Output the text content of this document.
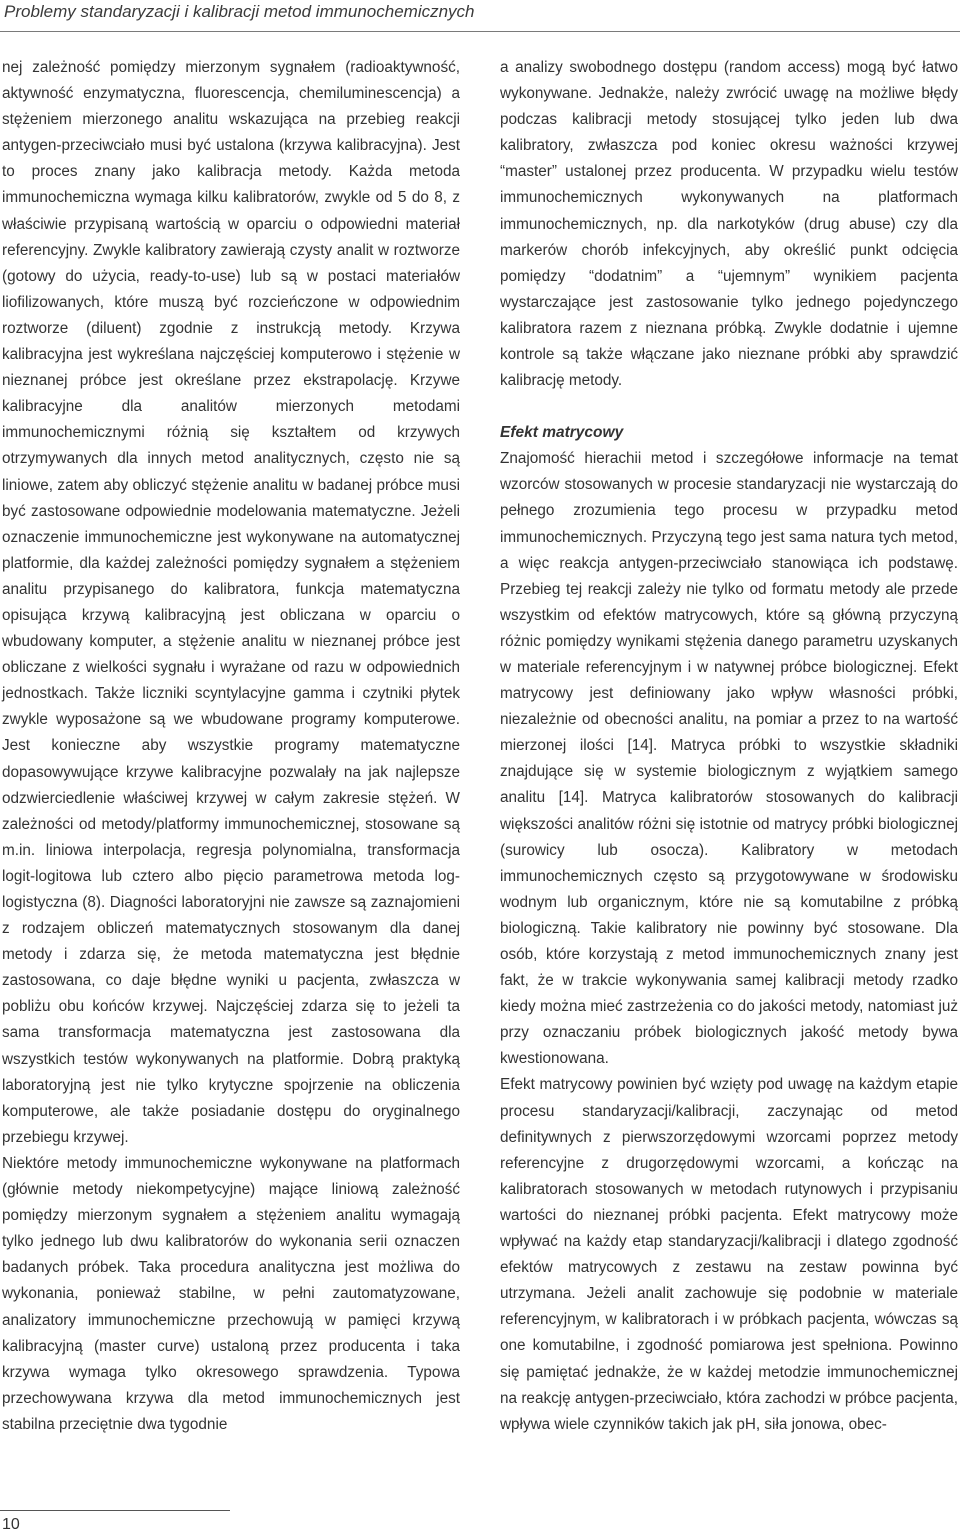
Problemy standaryzacji i kalibracji metod immunochemicznych

nej zależność pomiędzy mierzonym sygnałem (radioaktywność, aktywność enzymatyczna, fluorescencja, chemiluminescencja) a stężeniem mierzonego analitu wskazująca na przebieg reakcji antygen-przeciwciało musi być ustalona (krzywa kalibracyjna). Jest to proces znany jako kalibracja metody. Każda metoda immunochemiczna wymaga kilku kalibratorów, zwykle od 5 do 8, z właściwie przypisaną wartością w oparciu o odpowiedni materiał referencyjny. Zwykle kalibratory zawierają czysty analit w roztworze (gotowy do użycia, ready-to-use) lub są w postaci materiałów liofilizowanych, które muszą być rozcieńczone w odpowiednim roztworze (diluent) zgodnie z instrukcją metody. Krzywa kalibracyjna jest wykreślana najczęściej komputerowo i stężenie w nieznanej próbce jest określane przez ekstrapolację. Krzywe kalibracyjne dla analitów mierzonych metodami immunochemicznymi różnią się kształtem od krzywych otrzymywanych dla innych metod analitycznych, często nie są liniowe, zatem aby obliczyć stężenie analitu w badanej próbce musi być zastosowane odpowiednie modelowania matematyczne. Jeżeli oznaczenie immunochemiczne jest wykonywane na automatycznej platformie, dla każdej zależności pomiędzy sygnałem a stężeniem analitu przypisanego do kalibratora, funkcja matematyczna opisująca krzywą kalibracyjną jest obliczana w oparciu o wbudowany komputer, a stężenie analitu w nieznanej próbce jest obliczane z wielkości sygnału i wyrażane od razu w odpowiednich jednostkach. Także liczniki scyntylacyjne gamma i czytniki płytek zwykle wyposażone są we wbudowane programy komputerowe. Jest konieczne aby wszystkie programy matematyczne dopasowywujące krzywe kalibracyjne pozwalały na jak najlepsze odzwierciedlenie właściwej krzywej w całym zakresie stężeń. W zależności od metody/platformy immunochemicznej, stosowane są m.in. liniowa interpolacja, regresja polynomialna, transformacja logit-logitowa lub cztero albo pięcio parametrowa metoda log-logistyczna (8). Diagności laboratoryjni nie zawsze są zaznajomieni z rodzajem obliczeń matematycznych stosowanym dla danej metody i zdarza się, że metoda matematyczna jest błędnie zastosowana, co daje błędne wyniki u pacjenta, zwłaszcza w pobliżu obu końców krzywej. Najczęściej zdarza się to jeżeli ta sama transformacja matematyczna jest zastosowana dla wszystkich testów wykonywanych na platformie. Dobrą praktyką laboratoryjną jest nie tylko krytyczne spojrzenie na obliczenia komputerowe, ale także posiadanie dostępu do oryginalnego przebiegu krzywej.

Niektóre metody immunochemiczne wykonywane na platformach (głównie metody niekompetycyjne) mające liniową zależność pomiędzy mierzonym sygnałem a stężeniem analitu wymagają tylko jednego lub dwu kalibratorów do wykonania serii oznaczen badanych próbek. Taka procedura analityczna jest możliwa do wykonania, ponieważ stabilne, w pełni zautomatyzowane, analizatory immunochemiczne przechowują w pamięci krzywą kalibracyjną (master curve) ustaloną przez producenta i taka krzywa wymaga tylko okresowego sprawdzenia. Typowa przechowywana krzywa dla metod immunochemicznych jest stabilna przeciętnie dwa tygodnie

a analizy swobodnego dostępu (random access) mogą być łatwo wykonywane. Jednakże, należy zwrócić uwagę na możliwe błędy podczas kalibracji metody stosującej tylko jeden lub dwa kalibratory, zwłaszcza pod koniec okresu ważności krzywej “master” ustalonej przez producenta. W przypadku wielu testów immunochemicznych wykonywanych na platformach immunochemicznych, np. dla narkotyków (drug abuse) czy dla markerów chorób infekcyjnych, aby określić punkt odcięcia pomiędzy “dodatnim” a “ujemnym” wynikiem pacjenta wystarczające jest zastosowanie tylko jednego pojedynczego kalibratora razem z nieznana próbką. Zwykle dodatnie i ujemne kontrole są także włączane jako nieznane próbki aby sprawdzić kalibrację metody.

Efekt matrycowy

Znajomość hierachii metod i szczegółowe informacje na temat wzorców stosowanych w procesie standaryzacji nie wystarczają do pełnego zrozumienia tego procesu w przypadku metod immunochemicznych. Przyczyną tego jest sama natura tych metod, a więc reakcja antygen-przeciwciało stanowiąca ich podstawę. Przebieg tej reakcji zależy nie tylko od formatu metody ale przede wszystkim od efektów matrycowych, które są główną przyczyną różnic pomiędzy wynikami stężenia danego parametru uzyskanych w materiale referencyjnym i w natywnej próbce biologicznej. Efekt matrycowy jest definiowany jako wpływ własności próbki, niezależnie od obecności analitu, na pomiar a przez to na wartość mierzonej ilości [14]. Matryca próbki to wszystkie składniki znajdujące się w systemie biologicznym z wyjątkiem samego analitu [14]. Matryca kalibratorów stosowanych do kalibracji większości analitów różni się istotnie od matrycy próbki biologicznej (surowicy lub osocza). Kalibratory w metodach immunochemicznych często są przygotowywane w środowisku wodnym lub organicznym, które nie są komutabilne z próbką biologiczną. Takie kalibratory nie powinny być stosowane. Dla osób, które korzystają z metod immunochemicznych znany jest fakt, że w trakcie wykonywania samej kalibracji metody rzadko kiedy można mieć zastrzeżenia co do jakości metody, natomiast już przy oznaczaniu próbek biologicznych jakość metody bywa kwestionowana.

Efekt matrycowy powinien być wzięty pod uwagę na każdym etapie procesu standaryzacji/kalibracji, zaczynając od metod definitywnych z pierwszorzędowymi wzorcami poprzez metody referencyjne z drugorzędowymi wzorcami, a kończąc na kalibratorach stosowanych w metodach rutynowych i przypisaniu wartości do nieznanej próbki pacjenta. Efekt matrycowy może wpływać na każdy etap standaryzacji/kalibracji i dlatego zgodność efektów matrycowych z zestawu na zestaw powinna być utrzymana. Jeżeli analit zachowuje się podobnie w materiale referencyjnym, w kalibratorach i w próbkach pacjenta, wówczas są one komutabilne, i zgodność pomiarowa jest spełniona. Powinno się pamiętać jednakże, że w każdej metodzie immunochemicznej na reakcję antygen-przeciwciało, która zachodzi w próbce pacjenta, wpływa wiele czynników takich jak pH, siła jonowa, obec-

10
